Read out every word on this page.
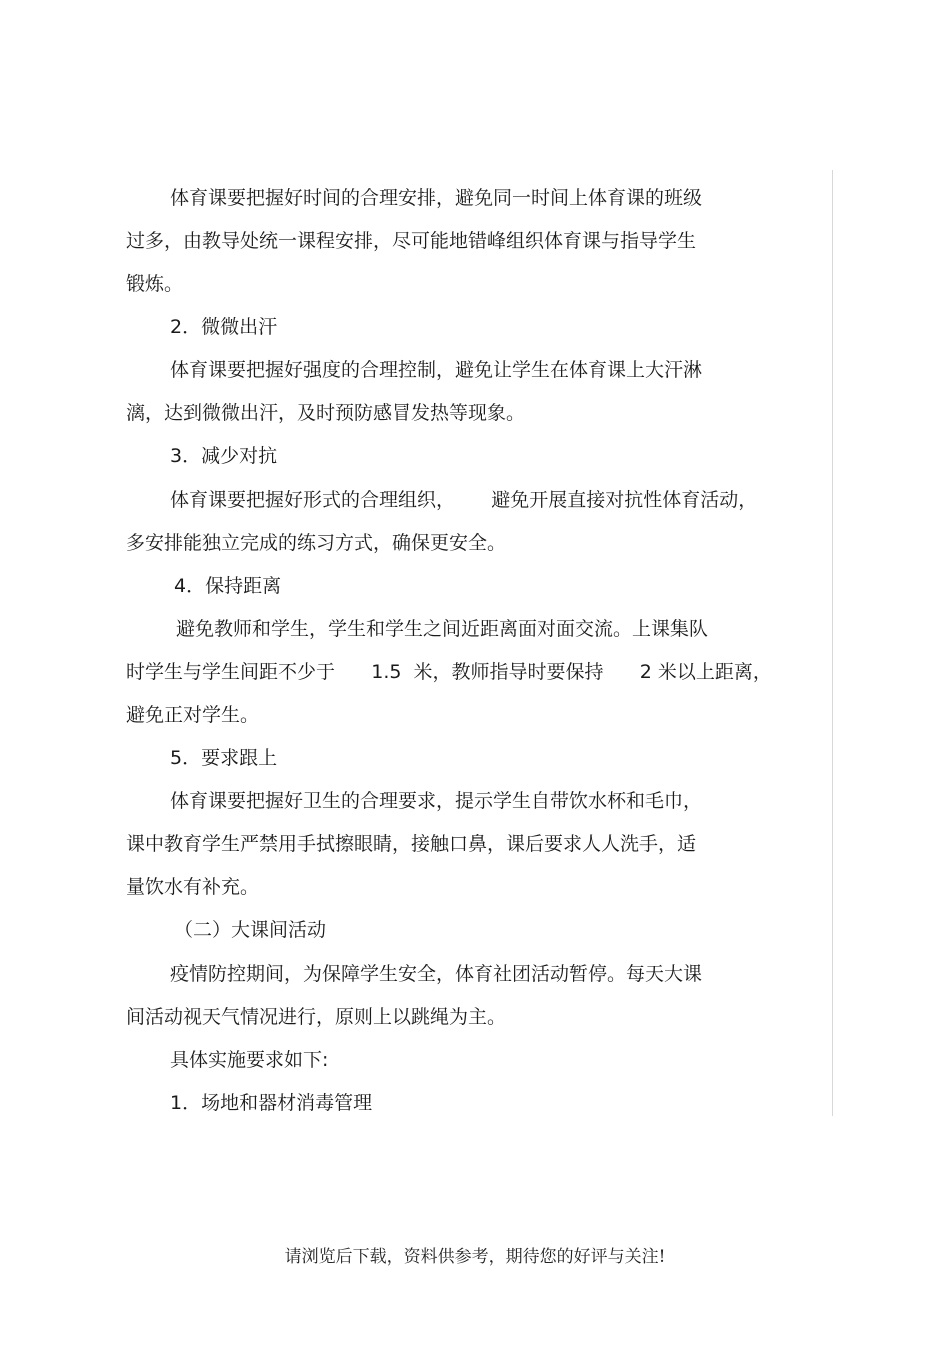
体育课要把握好时间的合理安排，避免同一时间上体育课的班级
过多，由教导处统一课程安排，尽可能地错峰组织体育课与指导学生
锻炼。
2．微微出汗
体育课要把握好强度的合理控制，避免让学生在体育课上大汗淋
漓，达到微微出汗，及时预防感冒发热等现象。
3．减少对抗
体育课要把握好形式的合理组织，      避免开展直接对抗性体育活动，
多安排能独立完成的练习方式，确保更安全。
4．保持距离
避免教师和学生，学生和学生之间近距离面对面交流。上课集队
时学生与学生间距不少于      1.5  米，教师指导时要保持      2 米以上距离，
避免正对学生。
5．要求跟上
体育课要把握好卫生的合理要求，提示学生自带饮水杯和毛巾，
课中教育学生严禁用手拭擦眼睛，接触口鼻，课后要求人人洗手，适
量饮水有补充。
（二）大课间活动
疫情防控期间，为保障学生安全，体育社团活动暂停。每天大课
间活动视天气情况进行，原则上以跳绳为主。
具体实施要求如下:
1．场地和器材消毒管理
请浏览后下载，资料供参考，期待您的好评与关注!
